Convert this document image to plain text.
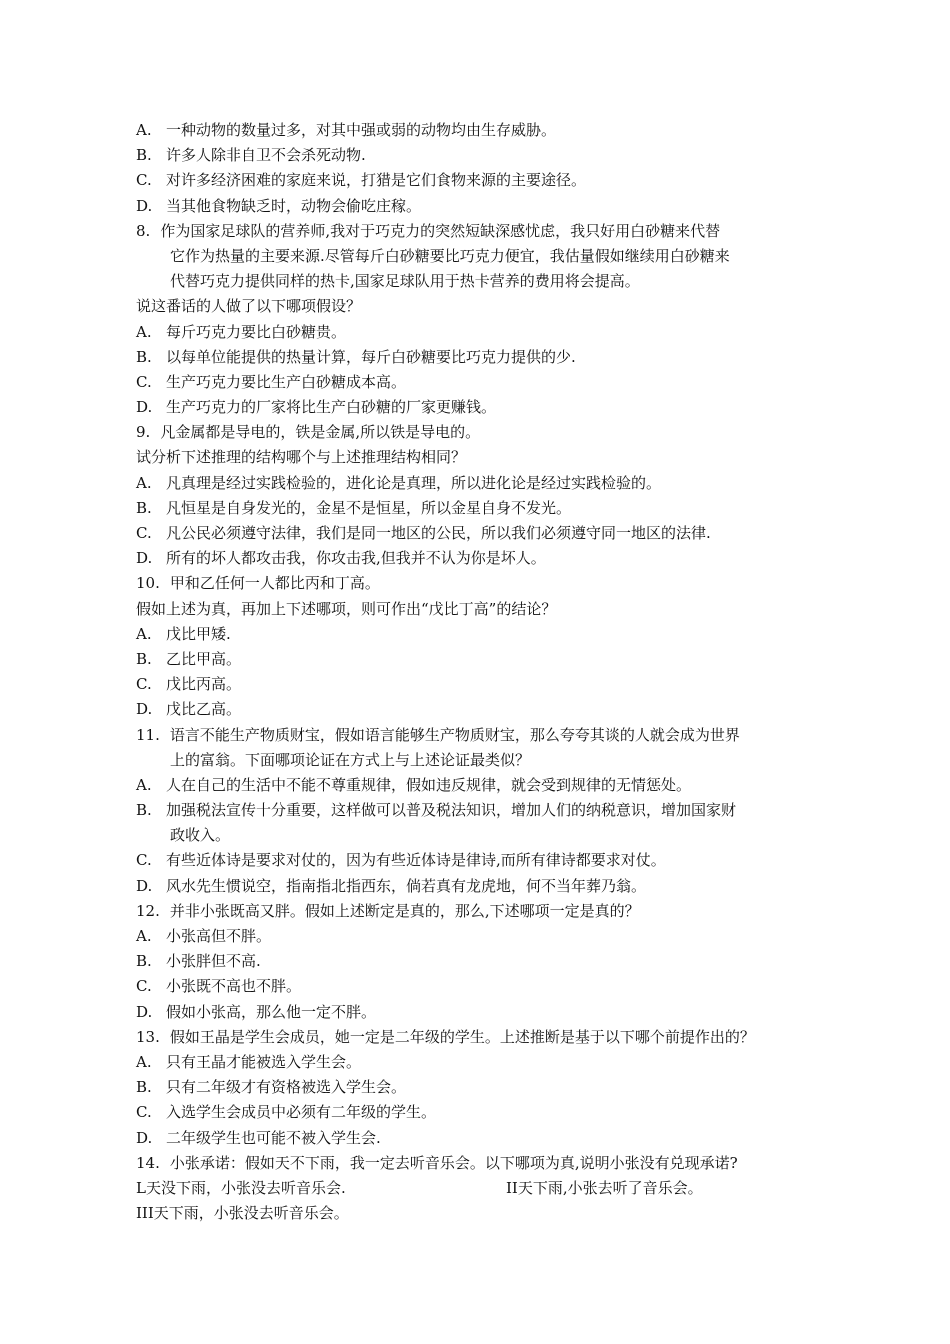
A. 一种动物的数量过多，对其中强或弱的动物均由生存威胁。
B. 许多人除非自卫不会杀死动物.
C. 对许多经济困难的家庭来说，打猎是它们食物来源的主要途径。
D. 当其他食物缺乏时，动物会偷吃庄稼。
8. 作为国家足球队的营养师,我对于巧克力的突然短缺深感忧虑，我只好用白砂糖来代替
它作为热量的主要来源.尽管每斤白砂糖要比巧克力便宜，我估量假如继续用白砂糖来
代替巧克力提供同样的热卡,国家足球队用于热卡营养的费用将会提高。
说这番话的人做了以下哪项假设？
A. 每斤巧克力要比白砂糖贵。
B. 以每单位能提供的热量计算，每斤白砂糖要比巧克力提供的少.
C. 生产巧克力要比生产白砂糖成本高。
D. 生产巧克力的厂家将比生产白砂糖的厂家更赚钱。
9. 凡金属都是导电的，铁是金属,所以铁是导电的。
试分析下述推理的结构哪个与上述推理结构相同？
A. 凡真理是经过实践检验的，进化论是真理，所以进化论是经过实践检验的。
B. 凡恒星是自身发光的，金星不是恒星，所以金星自身不发光。
C. 凡公民必须遵守法律，我们是同一地区的公民，所以我们必须遵守同一地区的法律.
D. 所有的坏人都攻击我，你攻击我,但我并不认为你是坏人。
10. 甲和乙任何一人都比丙和丁高。
假如上述为真，再加上下述哪项，则可作出“戊比丁高”的结论？
A. 戊比甲矮.
B. 乙比甲高。
C. 戊比丙高。
D. 戊比乙高。
11. 语言不能生产物质财宝，假如语言能够生产物质财宝，那么夸夸其谈的人就会成为世界
上的富翁。下面哪项论证在方式上与上述论证最类似？
A. 人在自己的生活中不能不尊重规律，假如违反规律，就会受到规律的无情惩处。
B. 加强税法宣传十分重要，这样做可以普及税法知识，增加人们的纳税意识，增加国家财
政收入。
C. 有些近体诗是要求对仗的，因为有些近体诗是律诗,而所有律诗都要求对仗。
D. 风水先生惯说空，指南指北指西东，倘若真有龙虎地，何不当年葬乃翁。
12. 并非小张既高又胖。假如上述断定是真的，那么,下述哪项一定是真的？
A. 小张高但不胖。
B. 小张胖但不高.
C. 小张既不高也不胖。
D. 假如小张高，那么他一定不胖。
13. 假如王晶是学生会成员，她一定是二年级的学生。上述推断是基于以下哪个前提作出的？
A. 只有王晶才能被选入学生会。
B. 只有二年级才有资格被选入学生会。
C. 入选学生会成员中必须有二年级的学生。
D. 二年级学生也可能不被入学生会.
14. 小张承诺：假如天不下雨，我一定去听音乐会。以下哪项为真,说明小张没有兑现承诺?
L天没下雨，小张没去听音乐会.	II天下雨,小张去听了音乐会。
III天下雨，小张没去听音乐会。
